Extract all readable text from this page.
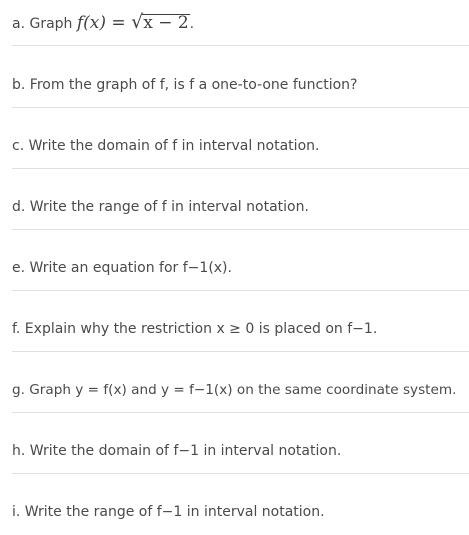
a. Graph f(x) = √x − 2.
b. From the graph of f, is f a one-to-one function?
c. Write the domain of f in interval notation.
d. Write the range of f in interval notation.
e. Write an equation for f−1(x).
f. Explain why the restriction x ≥ 0 is placed on f−1.
g. Graph y = f(x) and y = f−1(x) on the same coordinate system.
h. Write the domain of f−1 in interval notation.
i. Write the range of f−1 in interval notation.
